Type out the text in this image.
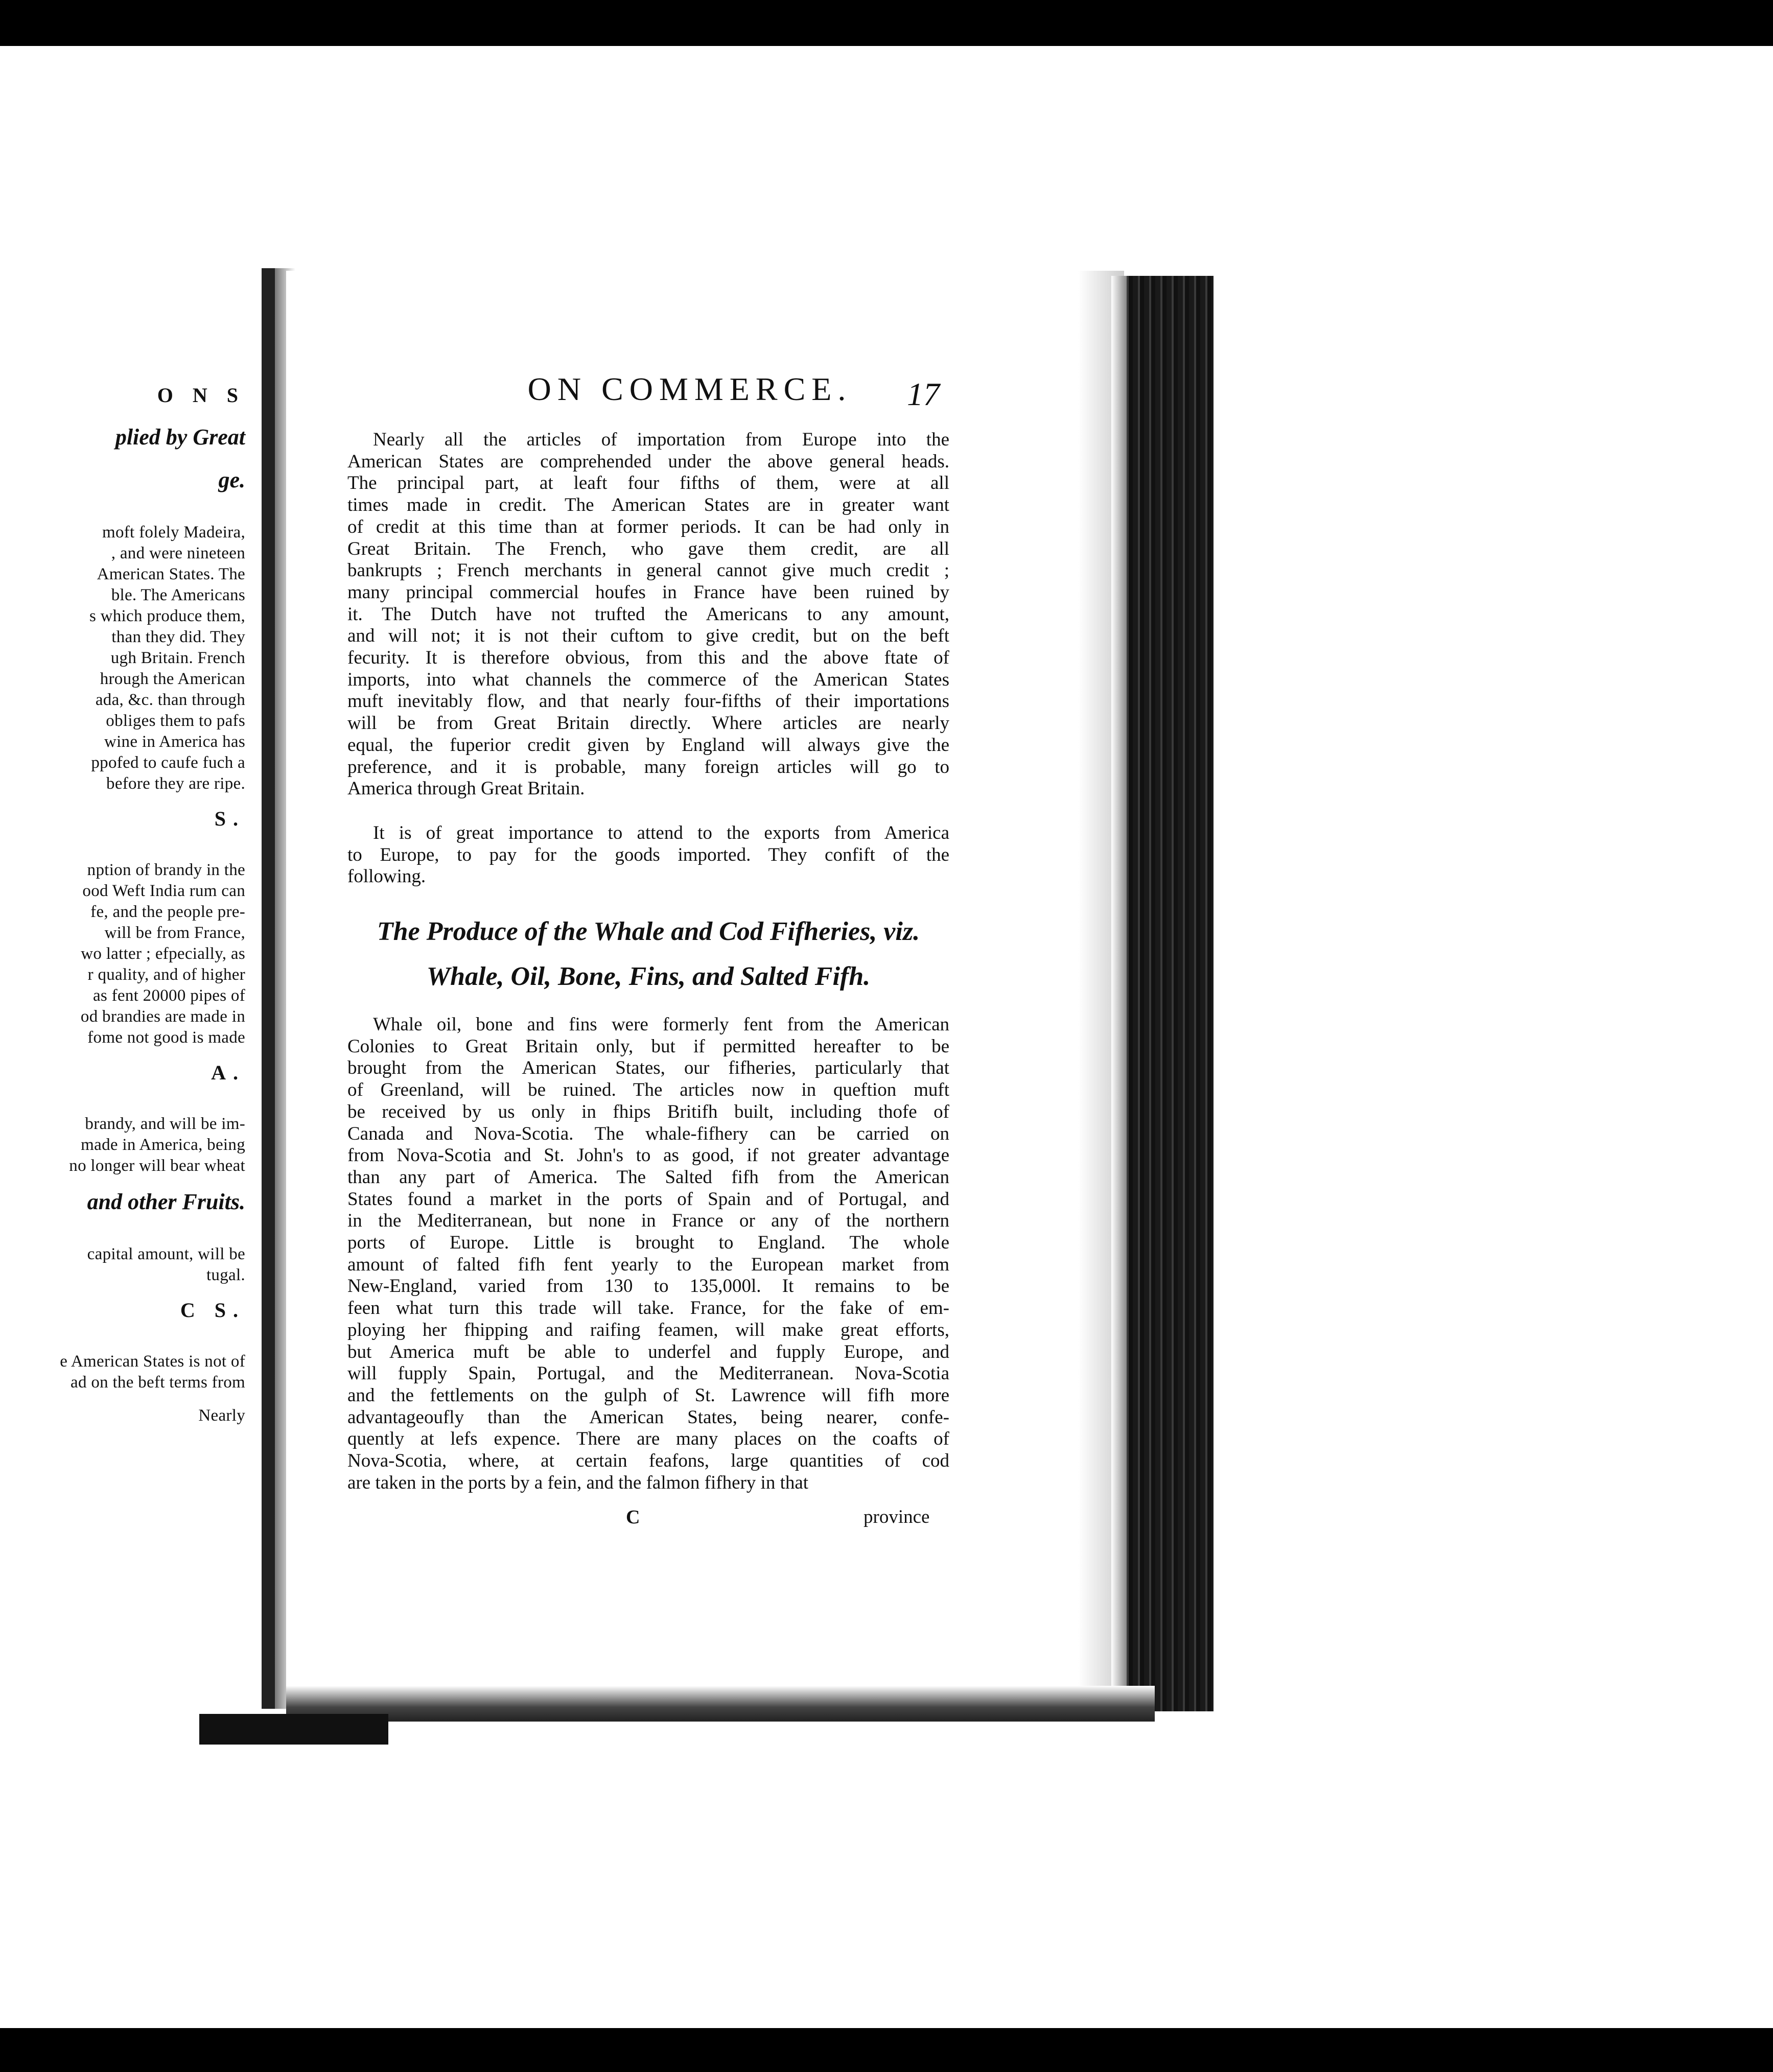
O N S
plied by Great
ge.
moft folely Madeira,
, and were nineteen
American States. The
ble. The Americans
s which produce them,
than they did. They
ugh Britain. French
hrough the American
ada, &c. than through
obliges them to pafs
wine in America has
ppofed to caufe fuch a
before they are ripe.
S.
nption of brandy in the
ood Weft India rum can
fe, and the people pre-
will be from France,
wo latter ; efpecially, as
r quality, and of higher
as fent 20000 pipes of
od brandies are made in
fome not good is made
A.
brandy, and will be im-
made in America, being
no longer will bear wheat
and other Fruits.
capital amount, will be
tugal.
C S.
e American States is not of
ad on the beft terms from
Nearly
ON COMMERCE.	17

Nearly all the articles of importation from Europe into the

American States are comprehended under the above general heads.

The principal part, at leaft four fifths of them, were at all

times made in credit. The American States are in greater want

of credit at this time than at former periods. It can be had only in

Great Britain. The French, who gave them credit, are all

bankrupts ; French merchants in general cannot give much credit ;

many principal commercial houfes in France have been ruined by

it. The Dutch have not trufted the Americans to any amount,

and will not; it is not their cuftom to give credit, but on the beft

fecurity. It is therefore obvious, from this and the above ftate of

imports, into what channels the commerce of the American States

muft inevitably flow, and that nearly four-fifths of their importations

will be from Great Britain directly. Where articles are nearly

equal, the fuperior credit given by England will always give the

preference, and it is probable, many foreign articles will go to

America through Great Britain.

It is of great importance to attend to the exports from America

to Europe, to pay for the goods imported. They confift of the

following.

The Produce of the Whale and Cod Fifheries, viz.

Whale, Oil, Bone, Fins, and Salted Fifh.

Whale oil, bone and fins were formerly fent from the American

Colonies to Great Britain only, but if permitted hereafter to be

brought from the American States, our fifheries, particularly that

of Greenland, will be ruined. The articles now in queftion muft

be received by us only in fhips Britifh built, including thofe of

Canada and Nova-Scotia. The whale-fifhery can be carried on

from Nova-Scotia and St. John's to as good, if not greater advantage

than any part of America. The Salted fifh from the American

States found a market in the ports of Spain and of Portugal, and

in the Mediterranean, but none in France or any of the northern

ports of Europe. Little is brought to England. The whole

amount of falted fifh fent yearly to the European market from

New-England, varied from 130 to 135,000l. It remains to be

feen what turn this trade will take. France, for the fake of em-

ploying her fhipping and raifing feamen, will make great efforts,

but America muft be able to underfel and fupply Europe, and

will fupply Spain, Portugal, and the Mediterranean. Nova-Scotia

and the fettlements on the gulph of St. Lawrence will fifh more

advantageoufly than the American States, being nearer, confe-

quently at lefs expence. There are many places on the coafts of

Nova-Scotia, where, at certain feafons, large quantities of cod

are taken in the ports by a fein, and the falmon fifhery in that

C	province
